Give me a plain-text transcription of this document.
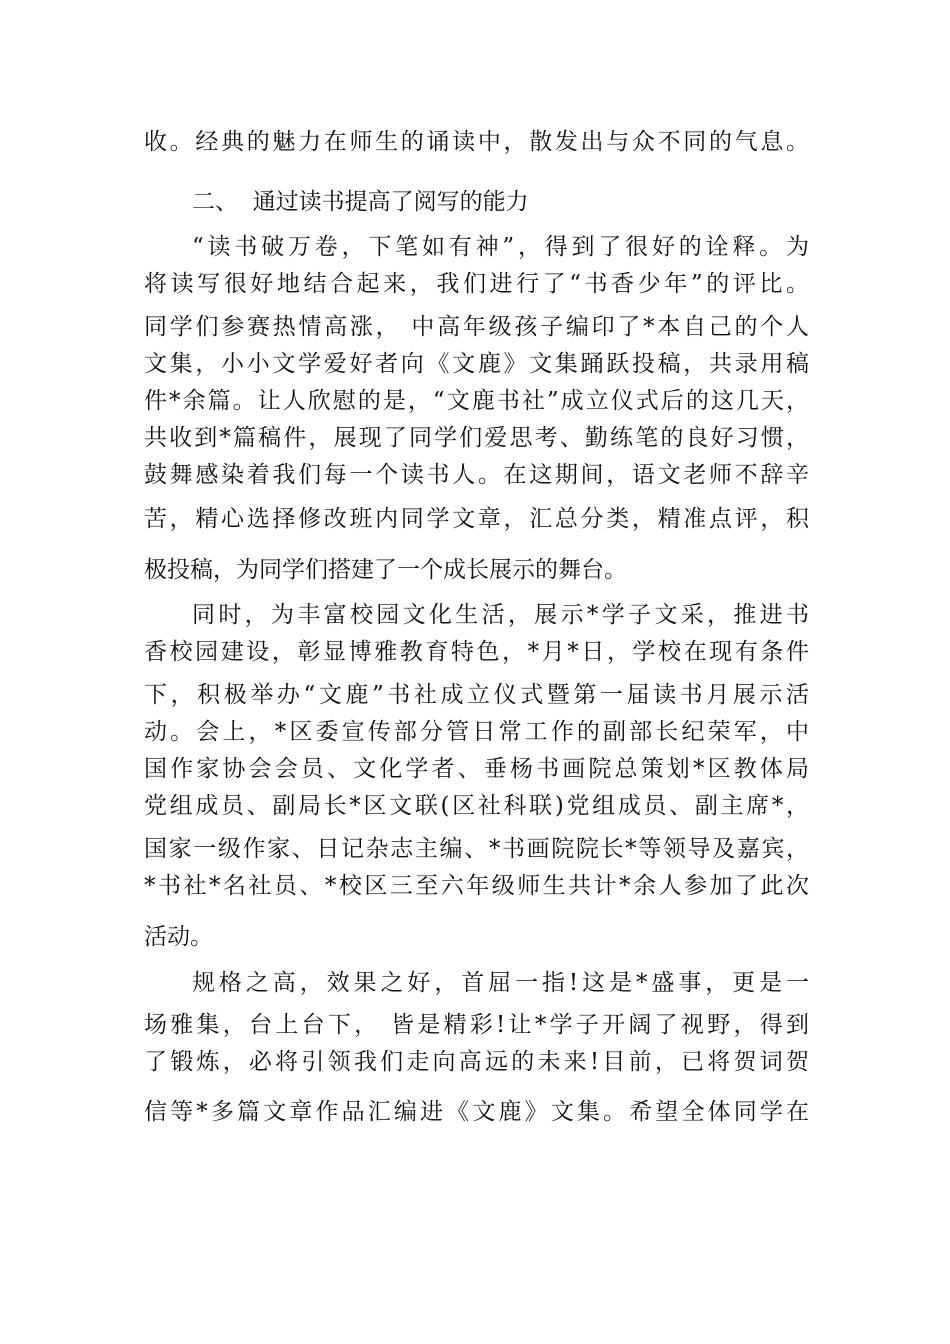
收。经典的魅力在师生的诵读中，散发出与众不同的气息。
二、  通过读书提高了阅写的能力
“读书破万卷，下笔如有神”，得到了很好的诠释。为
将读写很好地结合起来，我们进行了“书香少年”的评比。
同学们参赛热情高涨， 中高年级孩子编印了*本自己的个人
文集，小小文学爱好者向《文鹿》文集踊跃投稿，共录用稿
件*余篇。让人欣慰的是，“文鹿书社”成立仪式后的这几天，
共收到*篇稿件，展现了同学们爱思考、勤练笔的良好习惯，
鼓舞感染着我们每一个读书人。在这期间，语文老师不辞辛
苦，精心选择修改班内同学文章，汇总分类，精准点评，积
极投稿，为同学们搭建了一个成长展示的舞台。
同时，为丰富校园文化生活，展示*学子文采，推进书
香校园建设，彰显博雅教育特色，*月*日，学校在现有条件
下，积极举办“文鹿”书社成立仪式暨第一届读书月展示活
动。会上，*区委宣传部分管日常工作的副部长纪荣军，中
国作家协会会员、文化学者、垂杨书画院总策划*区教体局
党组成员、副局长*区文联(区社科联)党组成员、副主席*，
国家一级作家、日记杂志主编、*书画院院长*等领导及嘉宾，
*书社*名社员、*校区三至六年级师生共计*余人参加了此次
活动。
规格之高，效果之好，首屈一指!这是*盛事，更是一
场雅集，台上台下， 皆是精彩!让*学子开阔了视野，得到
了锻炼，必将引领我们走向高远的未来!目前，已将贺词贺
信等*多篇文章作品汇编进《文鹿》文集。希望全体同学在
